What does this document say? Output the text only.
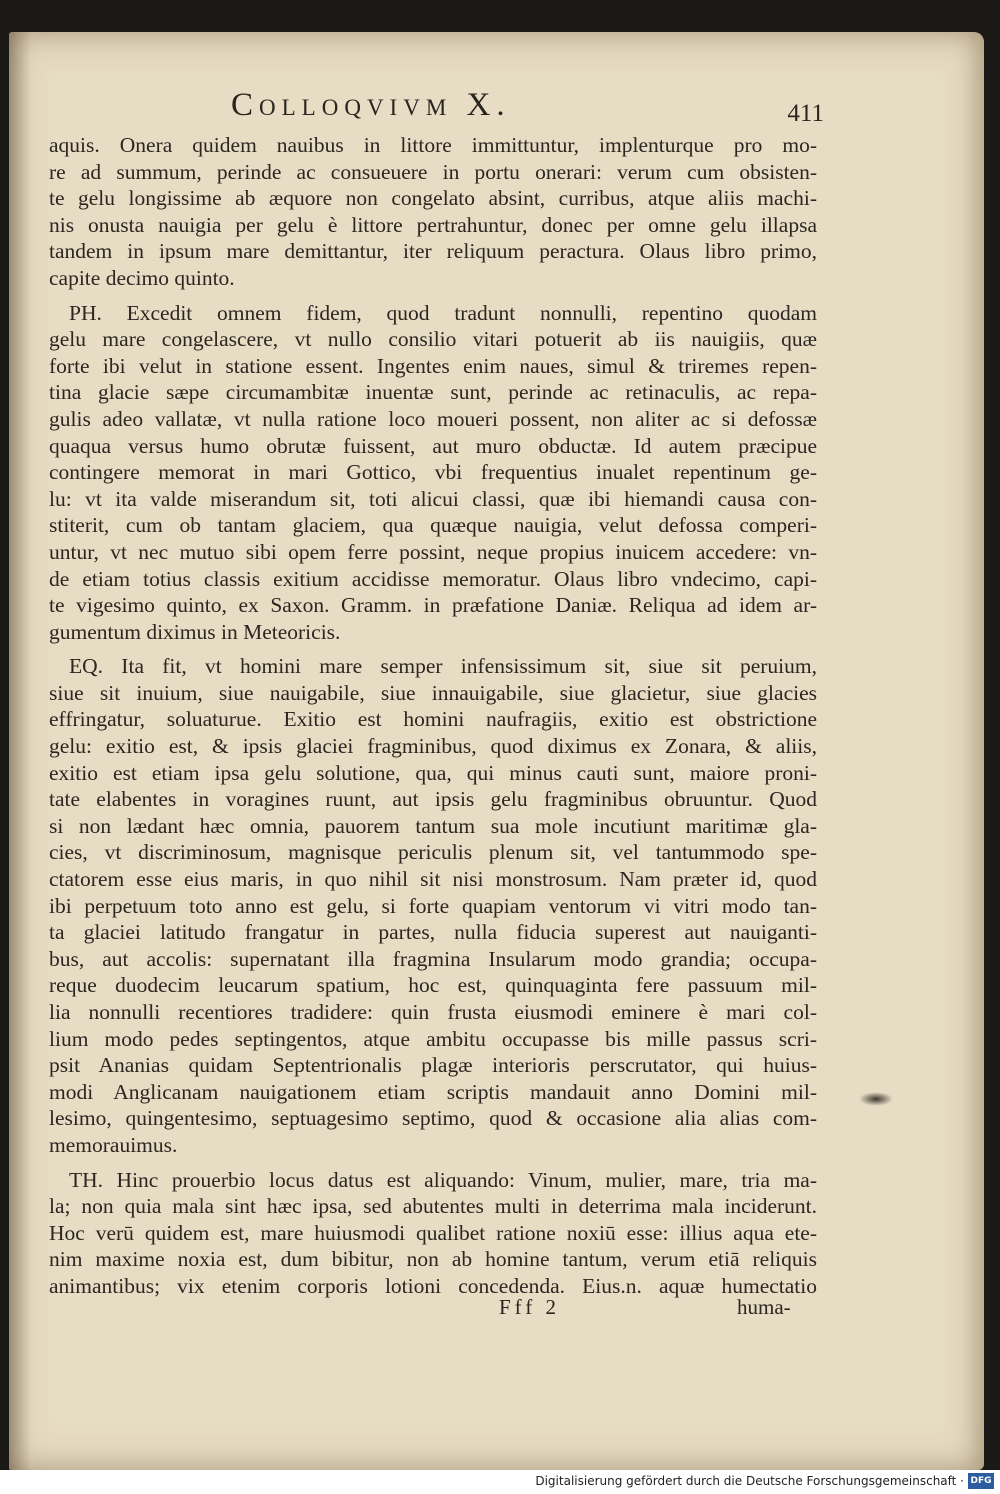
Colloqvivm X.	411
aquis. Onera quidem nauibus in littore immittuntur, implenturque pro mo-
re ad summum, perinde ac consueuere in portu onerari: verum cum obsisten-
te gelu longissime ab æquore non congelato absint, curribus, atque aliis machi-
nis onusta nauigia per gelu è littore pertrahuntur, donec per omne gelu illapsa
tandem in ipsum mare demittantur, iter reliquum peractura. Olaus libro primo,
capite decimo quinto.
PH. Excedit omnem fidem, quod tradunt nonnulli, repentino quodam
gelu mare congelascere, vt nullo consilio vitari potuerit ab iis nauigiis, quæ
forte ibi velut in statione essent. Ingentes enim naues, simul & triremes repen-
tina glacie sæpe circumambitæ inuentæ sunt, perinde ac retinaculis, ac repa-
gulis adeo vallatæ, vt nulla ratione loco moueri possent, non aliter ac si defossæ
quaqua versus humo obrutæ fuissent, aut muro obductæ. Id autem præcipue
contingere memorat in mari Gottico, vbi frequentius inualet repentinum ge-
lu: vt ita valde miserandum sit, toti alicui classi, quæ ibi hiemandi causa con-
stiterit, cum ob tantam glaciem, qua quæque nauigia, velut defossa comperi-
untur, vt nec mutuo sibi opem ferre possint, neque propius inuicem accedere: vn-
de etiam totius classis exitium accidisse memoratur. Olaus libro vndecimo, capi-
te vigesimo quinto, ex Saxon. Gramm. in præfatione Daniæ. Reliqua ad idem ar-
gumentum diximus in Meteoricis.
EQ. Ita fit, vt homini mare semper infensissimum sit, siue sit peruium,
siue sit inuium, siue nauigabile, siue innauigabile, siue glacietur, siue glacies
effringatur, soluaturue. Exitio est homini naufragiis, exitio est obstrictione
gelu: exitio est, & ipsis glaciei fragminibus, quod diximus ex Zonara, & aliis,
exitio est etiam ipsa gelu solutione, qua, qui minus cauti sunt, maiore proni-
tate elabentes in voragines ruunt, aut ipsis gelu fragminibus obruuntur. Quod
si non lædant hæc omnia, pauorem tantum sua mole incutiunt maritimæ gla-
cies, vt discriminosum, magnisque periculis plenum sit, vel tantummodo spe-
ctatorem esse eius maris, in quo nihil sit nisi monstrosum. Nam præter id, quod
ibi perpetuum toto anno est gelu, si forte quapiam ventorum vi vitri modo tan-
ta glaciei latitudo frangatur in partes, nulla fiducia superest aut nauiganti-
bus, aut accolis: supernatant illa fragmina Insularum modo grandia; occupa-
reque duodecim leucarum spatium, hoc est, quinquaginta fere passuum mil-
lia nonnulli recentiores tradidere: quin frusta eiusmodi eminere è mari col-
lium modo pedes septingentos, atque ambitu occupasse bis mille passus scri-
psit Ananias quidam Septentrionalis plagæ interioris perscrutator, qui huius-
modi Anglicanam nauigationem etiam scriptis mandauit anno Domini mil-
lesimo, quingentesimo, septuagesimo septimo, quod & occasione alia alias com-
memorauimus.
TH. Hinc prouerbio locus datus est aliquando: Vinum, mulier, mare, tria ma-
la; non quia mala sint hæc ipsa, sed abutentes multi in deterrima mala inciderunt.
Hoc verū quidem est, mare huiusmodi qualibet ratione noxiū esse: illius aqua ete-
nim maxime noxia est, dum bibitur, non ab homine tantum, verum etiā reliquis
animantibus; vix etenim corporis lotioni concedenda. Eius.n. aquæ humectatio
Fff 2	huma-
Digitalisierung gefördert durch die Deutsche Forschungsgemeinschaft · DFG
